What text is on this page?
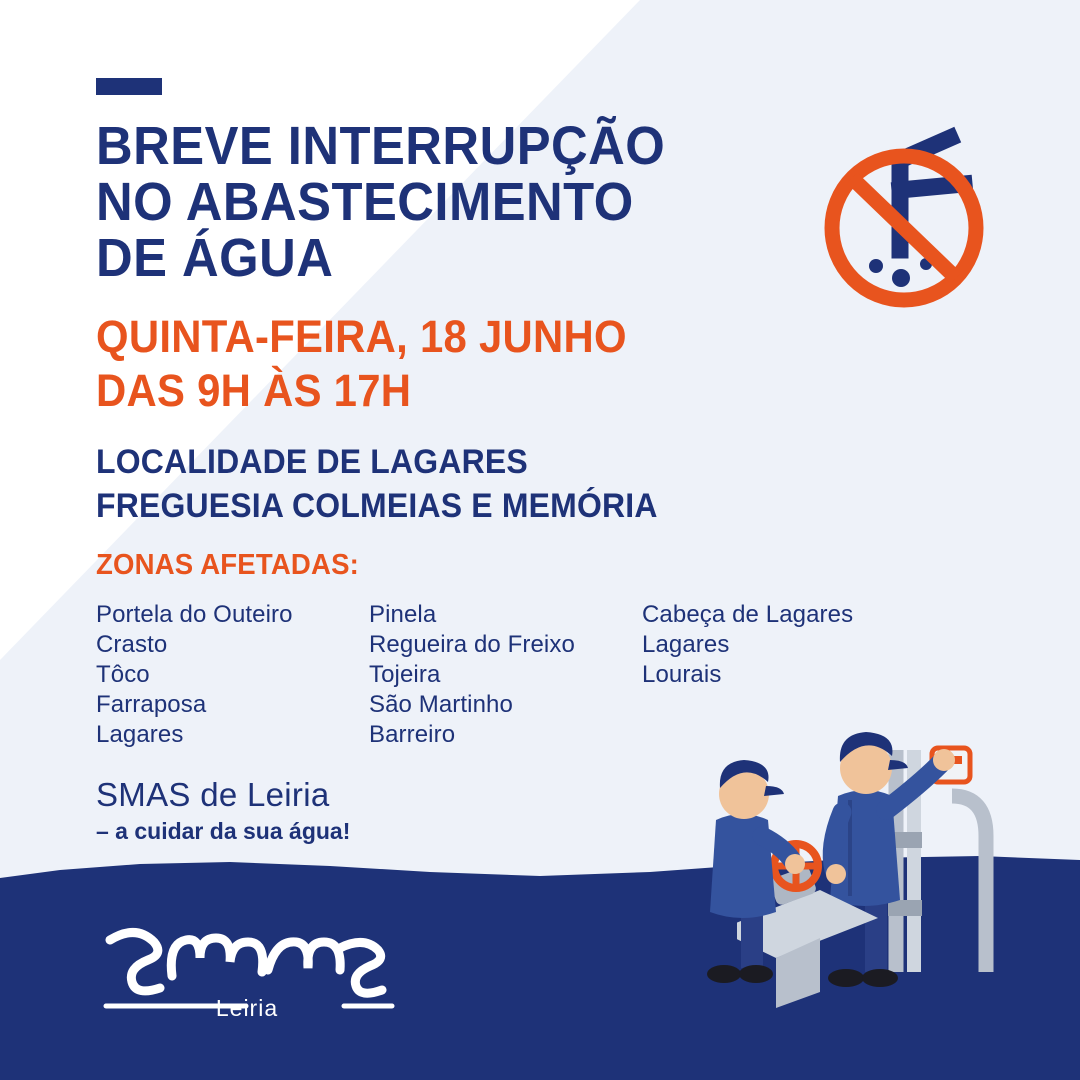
BREVE INTERRUPÇÃO
NO ABASTECIMENTO
DE ÁGUA
QUINTA-FEIRA, 18 JUNHO
DAS 9H ÀS 17H
LOCALIDADE DE LAGARES
FREGUESIA COLMEIAS E MEMÓRIA
ZONAS AFETADAS:
Portela do Outeiro
Crasto
Tôco
Farraposa
Lagares
Pinela
Regueira do Freixo
Tojeira
São Martinho
Barreiro
Cabeça de Lagares
Lagares
Lourais
SMAS de Leiria
– a cuidar da sua água!
Leiria
